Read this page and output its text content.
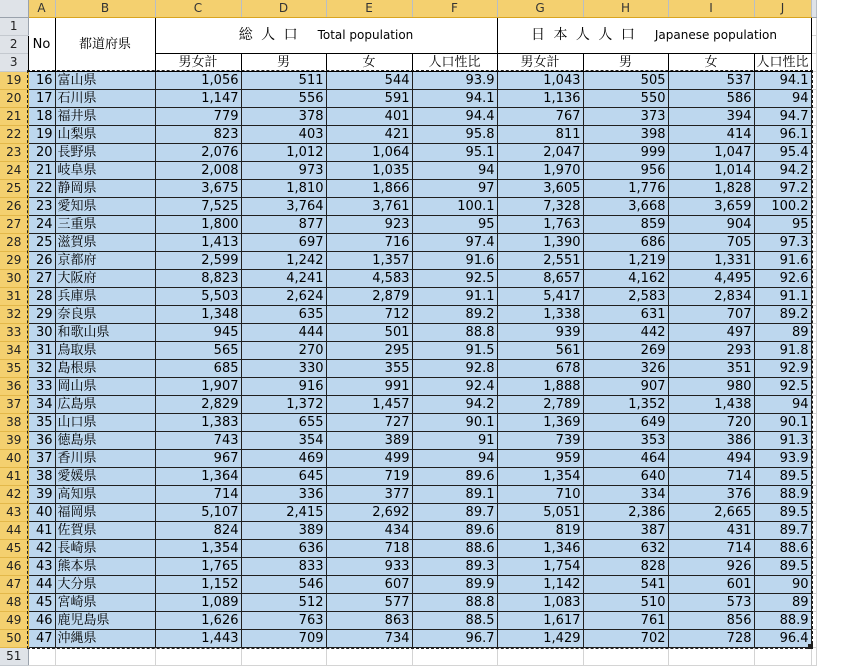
	A	B	C	D	E	F	G	H	I	J	
1	No	都道府県	総 人 口 Total population				日 本 人 人 口 Japanese population				
2											
3			男女計	男	女	人口性比	男女計	男	女	人口性比	
19	16	富山県	1,056	511	544	93.9	1,043	505	537	94.1	
20	17	石川県	1,147	556	591	94.1	1,136	550	586	94	
21	18	福井県	779	378	401	94.4	767	373	394	94.7	
22	19	山梨県	823	403	421	95.8	811	398	414	96.1	
23	20	長野県	2,076	1,012	1,064	95.1	2,047	999	1,047	95.4	
24	21	岐阜県	2,008	973	1,035	94	1,970	956	1,014	94.2	
25	22	静岡県	3,675	1,810	1,866	97	3,605	1,776	1,828	97.2	
26	23	愛知県	7,525	3,764	3,761	100.1	7,328	3,668	3,659	100.2	
27	24	三重県	1,800	877	923	95	1,763	859	904	95	
28	25	滋賀県	1,413	697	716	97.4	1,390	686	705	97.3	
29	26	京都府	2,599	1,242	1,357	91.6	2,551	1,219	1,331	91.6	
30	27	大阪府	8,823	4,241	4,583	92.5	8,657	4,162	4,495	92.6	
31	28	兵庫県	5,503	2,624	2,879	91.1	5,417	2,583	2,834	91.1	
32	29	奈良県	1,348	635	712	89.2	1,338	631	707	89.2	
33	30	和歌山県	945	444	501	88.8	939	442	497	89	
34	31	鳥取県	565	270	295	91.5	561	269	293	91.8	
35	32	島根県	685	330	355	92.8	678	326	351	92.9	
36	33	岡山県	1,907	916	991	92.4	1,888	907	980	92.5	
37	34	広島県	2,829	1,372	1,457	94.2	2,789	1,352	1,438	94	
38	35	山口県	1,383	655	727	90.1	1,369	649	720	90.1	
39	36	徳島県	743	354	389	91	739	353	386	91.3	
40	37	香川県	967	469	499	94	959	464	494	93.9	
41	38	愛媛県	1,364	645	719	89.6	1,354	640	714	89.5	
42	39	高知県	714	336	377	89.1	710	334	376	88.9	
43	40	福岡県	5,107	2,415	2,692	89.7	5,051	2,386	2,665	89.5	
44	41	佐賀県	824	389	434	89.6	819	387	431	89.7	
45	42	長崎県	1,354	636	718	88.6	1,346	632	714	88.6	
46	43	熊本県	1,765	833	933	89.3	1,754	828	926	89.5	
47	44	大分県	1,152	546	607	89.9	1,142	541	601	90	
48	45	宮崎県	1,089	512	577	88.8	1,083	510	573	89	
49	46	鹿児島県	1,626	763	863	88.5	1,617	761	856	88.9	
50	47	沖縄県	1,443	709	734	96.7	1,429	702	728	96.4	
51											
